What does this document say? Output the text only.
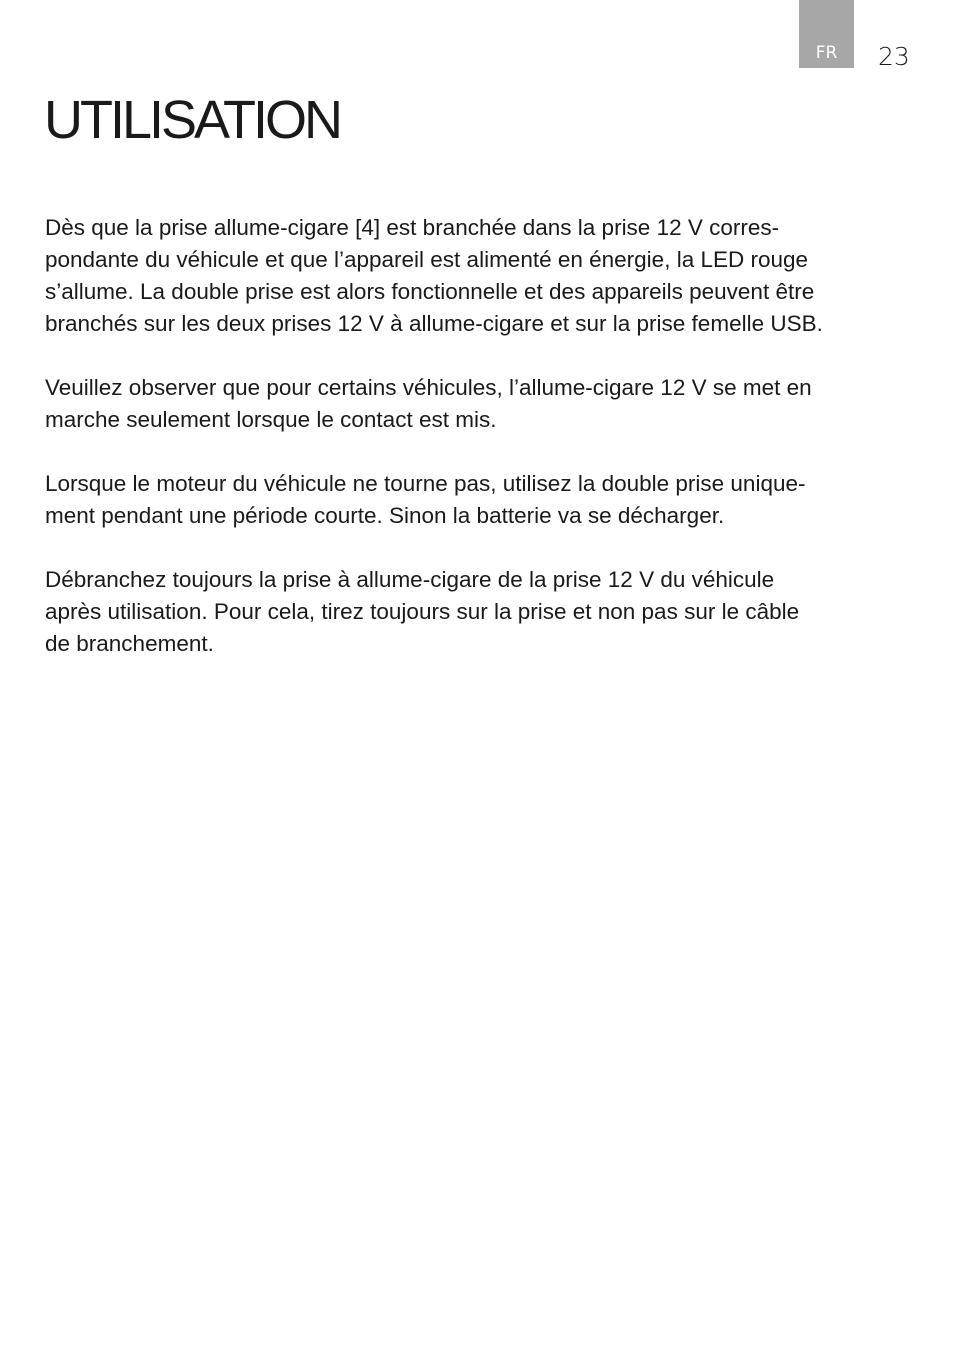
FR 23
UTILISATION

Dès que la prise allume-cigare [4] est branchée dans la prise 12 V corres-
pondante du véhicule et que l’appareil est alimenté en énergie, la LED rouge
s’allume. La double prise est alors fonctionnelle et des appareils peuvent être
branchés sur les deux prises 12 V à allume-cigare et sur la prise femelle USB.

Veuillez observer que pour certains véhicules, l’allume-cigare 12 V se met en
marche seulement lorsque le contact est mis.

Lorsque le moteur du véhicule ne tourne pas, utilisez la double prise unique-
ment pendant une période courte. Sinon la batterie va se décharger.

Débranchez toujours la prise à allume-cigare de la prise 12 V du véhicule
après utilisation. Pour cela, tirez toujours sur la prise et non pas sur le câble
de branchement.
